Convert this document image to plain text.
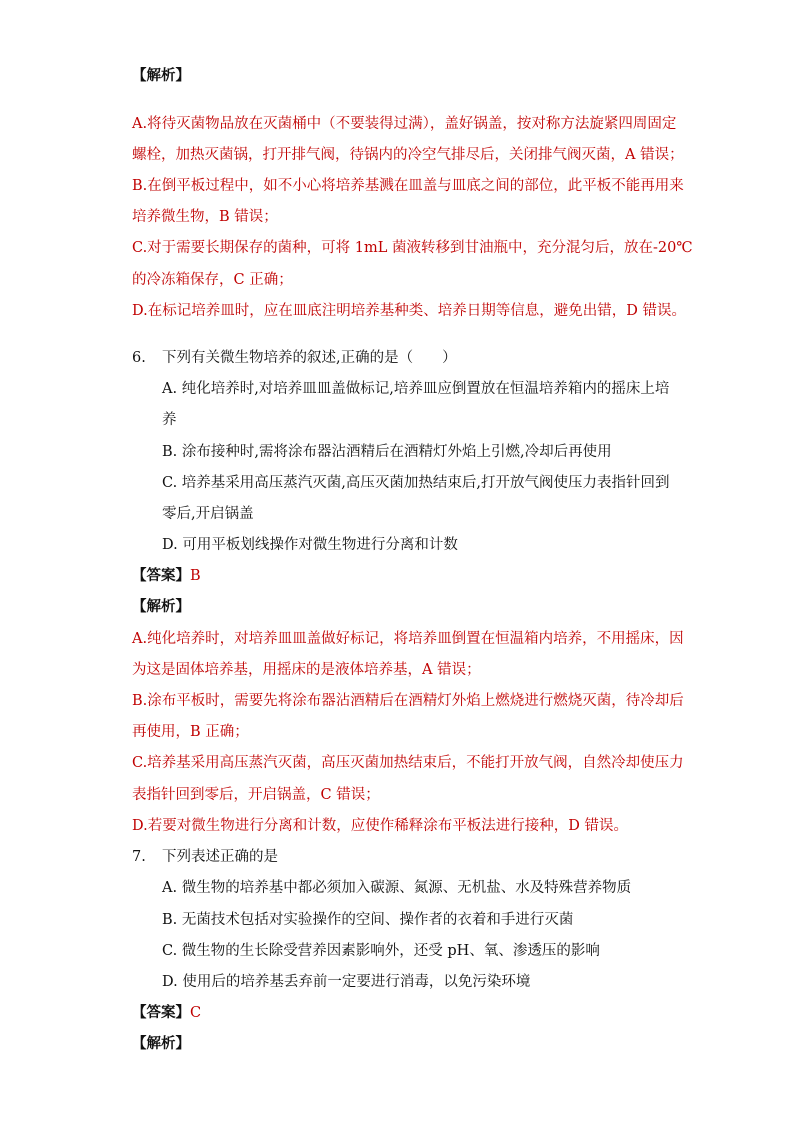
【解析】
A.将待灭菌物品放在灭菌桶中（不要装得过满），盖好锅盖，按对称方法旋紧四周固定
螺栓，加热灭菌锅，打开排气阀，待锅内的冷空气排尽后，关闭排气阀灭菌，A 错误；
B.在倒平板过程中，如不小心将培养基溅在皿盖与皿底之间的部位，此平板不能再用来
培养微生物，B 错误；
C.对于需要长期保存的菌种，可将 1mL 菌液转移到甘油瓶中，充分混匀后，放在-20℃
的冷冻箱保存，C 正确；
D.在标记培养皿时，应在皿底注明培养基种类、培养日期等信息，避免出错，D 错误。
6. 下列有关微生物培养的叙述,正确的是（　　）
A. 纯化培养时,对培养皿皿盖做标记,培养皿应倒置放在恒温培养箱内的摇床上培
养
B. 涂布接种时,需将涂布器沾酒精后在酒精灯外焰上引燃,冷却后再使用
C. 培养基采用高压蒸汽灭菌,高压灭菌加热结束后,打开放气阀使压力表指针回到
零后,开启锅盖
D. 可用平板划线操作对微生物进行分离和计数
【答案】B
【解析】
A.纯化培养时，对培养皿皿盖做好标记，将培养皿倒置在恒温箱内培养，不用摇床，因
为这是固体培养基，用摇床的是液体培养基，A 错误；
B.涂布平板时，需要先将涂布器沾酒精后在酒精灯外焰上燃烧进行燃烧灭菌，待冷却后
再使用，B 正确；
C.培养基采用高压蒸汽灭菌，高压灭菌加热结束后，不能打开放气阀，自然冷却使压力
表指针回到零后，开启锅盖，C 错误；
D.若要对微生物进行分离和计数，应使作稀释涂布平板法进行接种，D 错误。
7. 下列表述正确的是
A. 微生物的培养基中都必须加入碳源、氮源、无机盐、水及特殊营养物质
B. 无菌技术包括对实验操作的空间、操作者的衣着和手进行灭菌
C. 微生物的生长除受营养因素影响外，还受 pH、氧、渗透压的影响
D. 使用后的培养基丢弃前一定要进行消毒，以免污染环境
【答案】C
【解析】
